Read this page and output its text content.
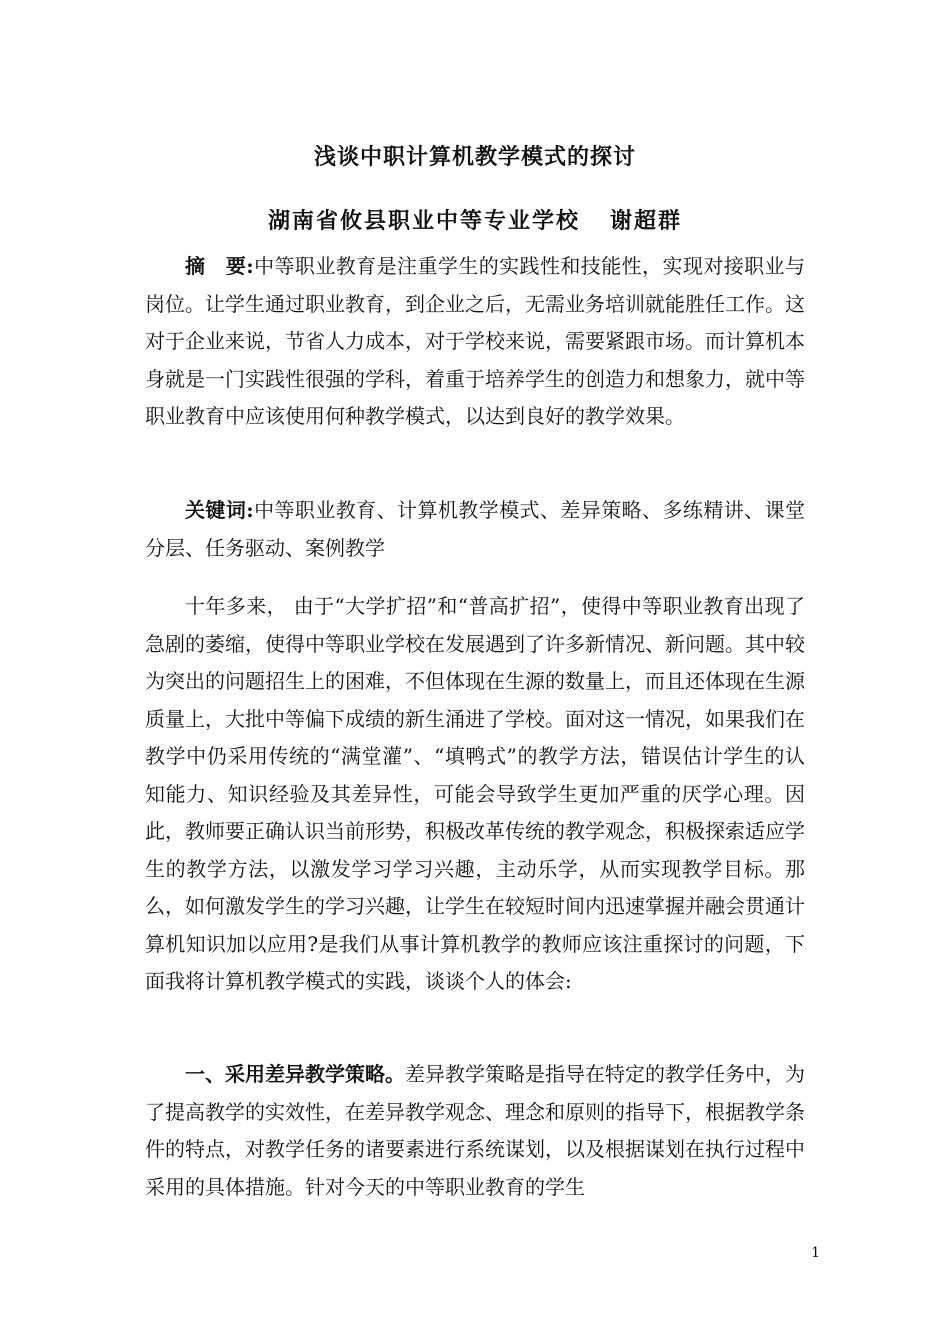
浅谈中职计算机教学模式的探讨
湖南省攸县职业中等专业学校 谢超群

摘　要:中等职业教育是注重学生的实践性和技能性，实现对接职业与岗位。让学生通过职业教育，到企业之后，无需业务培训就能胜任工作。这对于企业来说，节省人力成本，对于学校来说，需要紧跟市场。而计算机本身就是一门实践性很强的学科，着重于培养学生的创造力和想象力，就中等职业教育中应该使用何种教学模式，以达到良好的教学效果。

关键词:中等职业教育、计算机教学模式、差异策略、多练精讲、课堂分层、任务驱动、案例教学

十年多来， 由于“大学扩招”和“普高扩招”，使得中等职业教育出现了急剧的萎缩，使得中等职业学校在发展遇到了许多新情况、新问题。其中较为突出的问题招生上的困难，不但体现在生源的数量上，而且还体现在生源质量上，大批中等偏下成绩的新生涌进了学校。面对这一情况，如果我们在教学中仍采用传统的“满堂灌”、“填鸭式”的教学方法，错误估计学生的认知能力、知识经验及其差异性，可能会导致学生更加严重的厌学心理。因此，教师要正确认识当前形势，积极改革传统的教学观念，积极探索适应学生的教学方法，以激发学习学习兴趣，主动乐学，从而实现教学目标。那么，如何激发学生的学习兴趣，让学生在较短时间内迅速掌握并融会贯通计算机知识加以应用?是我们从事计算机教学的教师应该注重探讨的问题，下面我将计算机教学模式的实践，谈谈个人的体会:

一、采用差异教学策略。差异教学策略是指导在特定的教学任务中，为了提高教学的实效性，在差异教学观念、理念和原则的指导下，根据教学条件的特点，对教学任务的诸要素进行系统谋划，以及根据谋划在执行过程中采用的具体措施。针对今天的中等职业教育的学生

1
